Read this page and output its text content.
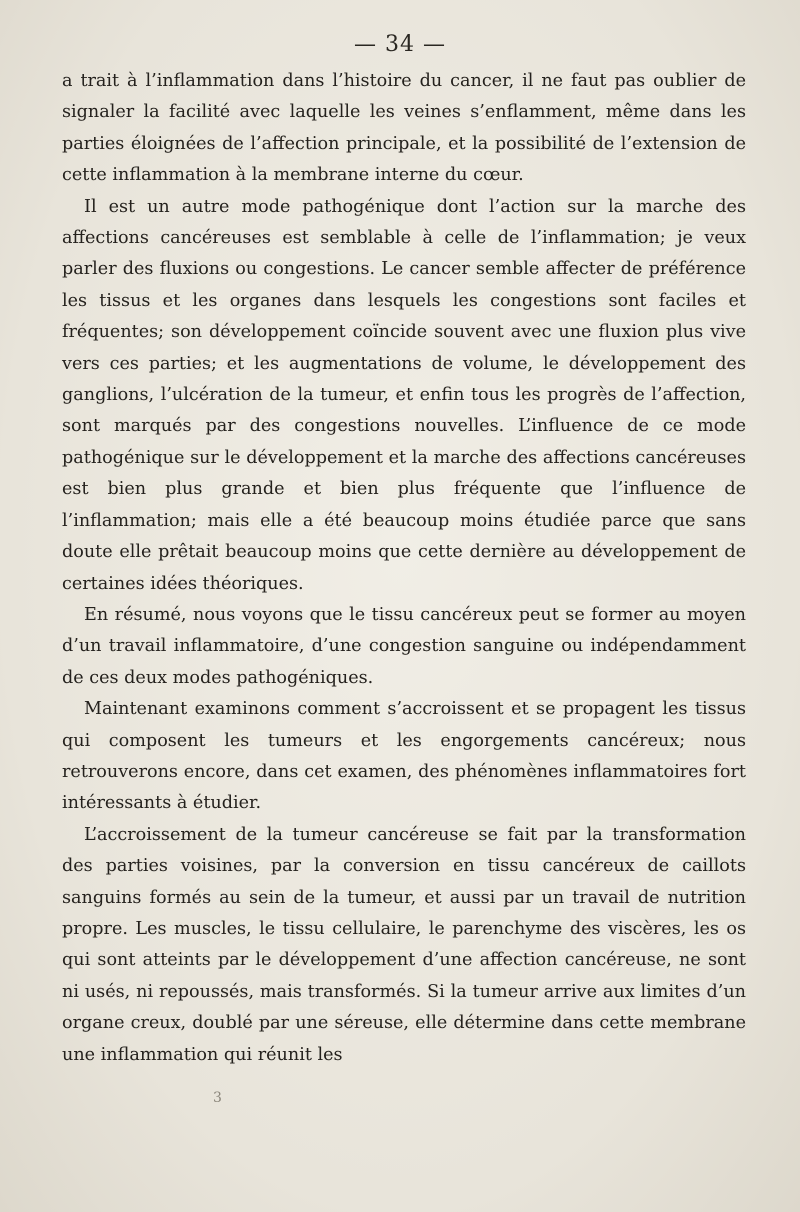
— 34 —

a trait à l’inflammation dans l’histoire du cancer, il ne faut pas oublier de signaler la facilité avec laquelle les veines s’enflamment, même dans les parties éloignées de l’affection principale, et la possibilité de l’extension de cette inflammation à la membrane interne du cœur.

Il est un autre mode pathogénique dont l’action sur la marche des affections cancéreuses est semblable à celle de l’inflammation; je veux parler des fluxions ou congestions. Le cancer semble affecter de préférence les tissus et les organes dans lesquels les congestions sont faciles et fréquentes; son développement coïncide souvent avec une fluxion plus vive vers ces parties; et les augmentations de volume, le développement des ganglions, l’ulcération de la tumeur, et enfin tous les progrès de l’affection, sont marqués par des congestions nouvelles. L’influence de ce mode pathogénique sur le développement et la marche des affections cancéreuses est bien plus grande et bien plus fréquente que l’influence de l’inflammation; mais elle a été beaucoup moins étudiée parce que sans doute elle prêtait beaucoup moins que cette dernière au développement de certaines idées théoriques.

En résumé, nous voyons que le tissu cancéreux peut se former au moyen d’un travail inflammatoire, d’une congestion sanguine ou indépendamment de ces deux modes pathogéniques.

Maintenant examinons comment s’accroissent et se propagent les tissus qui composent les tumeurs et les engorgements cancéreux; nous retrouverons encore, dans cet examen, des phénomènes inflammatoires fort intéressants à étudier.

L’accroissement de la tumeur cancéreuse se fait par la transformation des parties voisines, par la conversion en tissu cancéreux de caillots sanguins formés au sein de la tumeur, et aussi par un travail de nutrition propre. Les muscles, le tissu cellulaire, le parenchyme des viscères, les os qui sont atteints par le développement d’une affection cancéreuse, ne sont ni usés, ni repoussés, mais transformés. Si la tumeur arrive aux limites d’un organe creux, doublé par une séreuse, elle détermine dans cette membrane une inflammation qui réunit les

3
